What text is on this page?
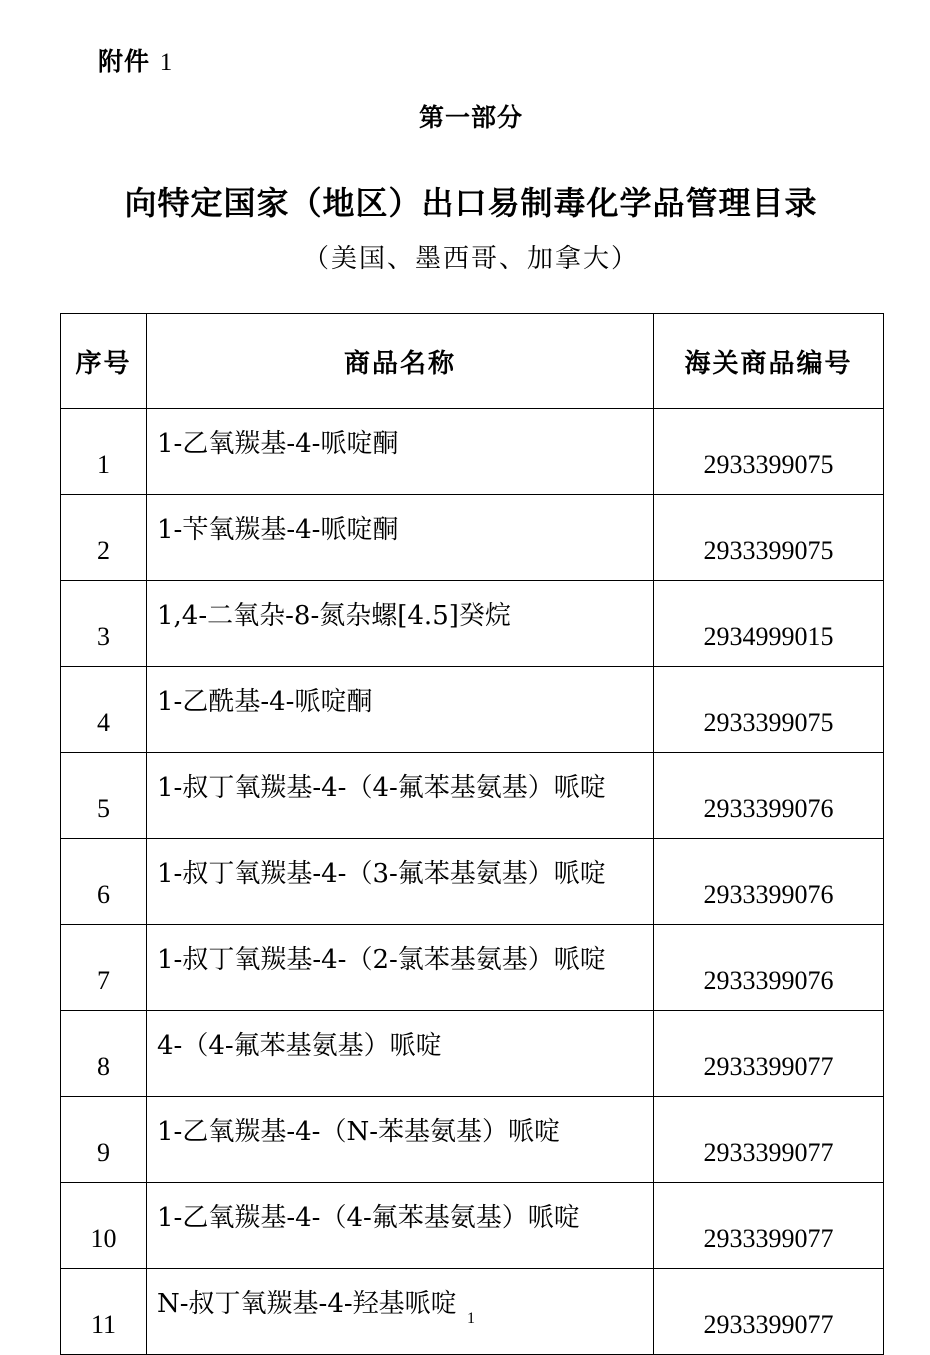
附件 1
第一部分
向特定国家（地区）出口易制毒化学品管理目录
（美国、墨西哥、加拿大）
序号	商品名称	海关商品编号
1	1-乙氧羰基-4-哌啶酮	2933399075
2	1-苄氧羰基-4-哌啶酮	2933399075
3	1,4-二氧杂-8-氮杂螺[4.5]癸烷	2934999015
4	1-乙酰基-4-哌啶酮	2933399075
5	1-叔丁氧羰基-4-（4-氟苯基氨基）哌啶	2933399076
6	1-叔丁氧羰基-4-（3-氟苯基氨基）哌啶	2933399076
7	1-叔丁氧羰基-4-（2-氯苯基氨基）哌啶	2933399076
8	4-（4-氟苯基氨基）哌啶	2933399077
9	1-乙氧羰基-4-（N-苯基氨基）哌啶	2933399077
10	1-乙氧羰基-4-（4-氟苯基氨基）哌啶	2933399077
11	N-叔丁氧羰基-4-羟基哌啶	2933399077
1
